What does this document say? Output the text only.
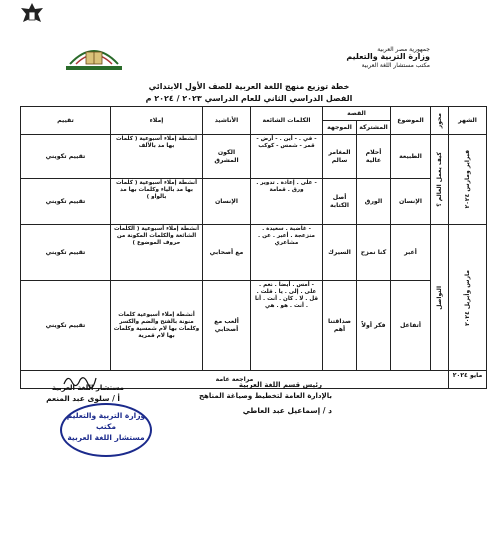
جمهورية مصر العربية
وزارة التربية والتعليم
مكتب مستشار اللغة العربية
خطة توزيع منهج اللغة العربية للصف الأول الابتدائي
الفصل الدراسي الثاني للعام الدراسي ٢٠٢٣ / ٢٠٢٤ م
الشهر	محور	الموضوع	القصة		الكلمات الشائعة	الأناشيد	إملاء	تقييم
			المشتركة	الموجهة				

فبراير ومارس ٢٠٢٤	كيف يعمل العالم ؟	الطبيعة	أحلام عالية	المغامر سالم	- في . - أين . - أرض - قمر - شمس - كوكب	الكون المشرق	أنشطة إملاء أسبوعية ( كلمات بها مد بالألف	تقييم تكويني
		الإنسان	الورق	أصل الكتابة	- على . إعادة . تدوير . ورق . قمامة	الإنسان	أنشطة إملاء أسبوعية ( كلمات بها مد بالياء وكلمات بها مد بالواو )	تقييم تكويني

مارس وأبريل ٢٠٢٤	التواصل	أعبر	كنا نمزح	السيرك	- غاضبة . سعيدة . منزعجة . أعبر . عن . مشاعري	مع أصحابي	أنشطة إملاء أسبوعية ( الكلمات الشائعة والكلمات المكونة من حروف الموضوع )	تقييم تكويني
		أتفاعل	فكر أولاً	صداقتنا أهم	- أمس . أيضا . نعم . على . إلى . يا . قلت . قل . لا . كان . أنت . أنا . أنت . هو . هي	ألعب مع أصحابي	أنشطة إملاء أسبوعية كلمات منونة بالفتح والضم والكسر وكلمات بها لام شمسية وكلمات بها لام قمرية	تقييم تكويني
مايو ٢٠٢٤	مراجعة عامة							
رئيس قسم اللغة العربية
بالإدارة العامة لتخطيط وصياغة المناهج
د / إسماعيل عبد العاطي
مستشار اللغة العربية
أ / سلوى عبد المنعم
وزارة التربية والتعليم
مكتب
مستشار اللغة العربية
